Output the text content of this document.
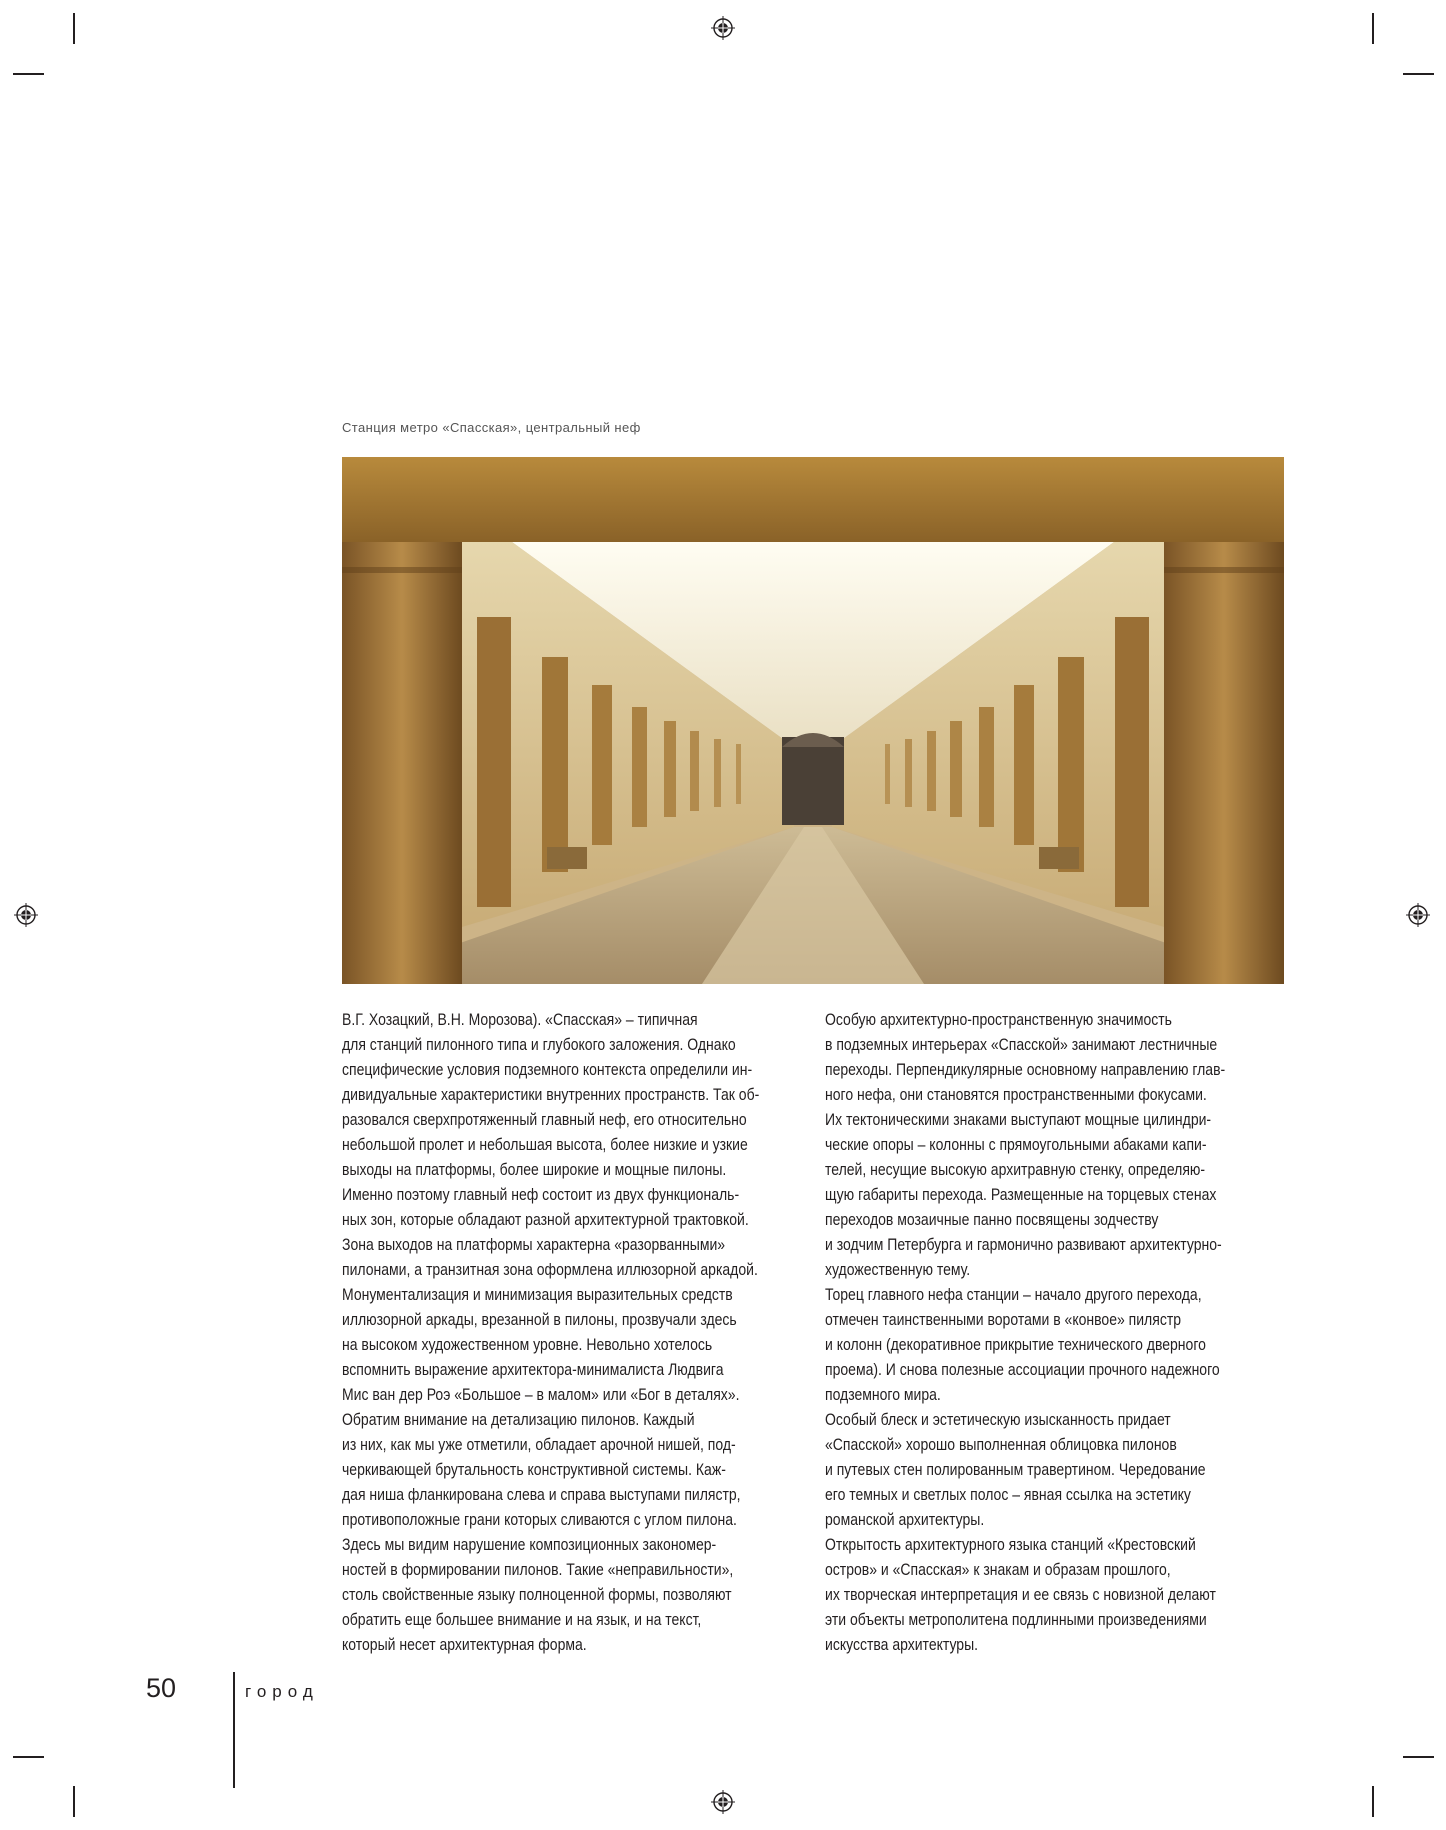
Станция метро «Спасская», центральный неф

В.Г. Хозацкий, В.Н. Морозова). «Спасская» – типичная

для станций пилонного типа и глубокого заложения. Однако

специфические условия подземного контекста определили ин-

дивидуальные характеристики внутренних пространств. Так об-

разовался сверхпротяженный главный неф, его относительно

небольшой пролет и небольшая высота, более низкие и узкие

выходы на платформы, более широкие и мощные пилоны.

Именно поэтому главный неф состоит из двух функциональ-

ных зон, которые обладают разной архитектурной трактовкой.

Зона выходов на платформы характерна «разорванными»

пилонами, а транзитная зона оформлена иллюзорной аркадой.

Монументализация и минимизация выразительных средств

иллюзорной аркады, врезанной в пилоны, прозвучали здесь

на высоком художественном уровне. Невольно хотелось

вспомнить выражение архитектора-минималиста Людвига

Мис ван дер Роэ «Большое – в малом» или «Бог в деталях».

Обратим внимание на детализацию пилонов. Каждый

из них, как мы уже отметили, обладает арочной нишей, под-

черкивающей брутальность конструктивной системы. Каж-

дая ниша фланкирована слева и справа выступами пилястр,

противоположные грани которых сливаются с углом пилона.

Здесь мы видим нарушение композиционных закономер-

ностей в формировании пилонов. Такие «неправильности»,

столь свойственные языку полноценной формы, позволяют

обратить еще большее внимание и на язык, и на текст,

который несет архитектурная форма.

Особую архитектурно-пространственную значимость

в подземных интерьерах «Спасской» занимают лестничные

переходы. Перпендикулярные основному направлению глав-

ного нефа, они становятся пространственными фокусами.

Их тектоническими знаками выступают мощные цилиндри-

ческие опоры – колонны с прямоугольными абаками капи-

телей, несущие высокую архитравную стенку, определяю-

щую габариты перехода. Размещенные на торцевых стенах

переходов мозаичные панно посвящены зодчеству

и зодчим Петербурга и гармонично развивают архитектурно-

художественную тему.

Торец главного нефа станции – начало другого перехода,

отмечен таинственными воротами в «конвое» пилястр

и колонн (декоративное прикрытие технического дверного

проема). И снова полезные ассоциации прочного надежного

подземного мира.

Особый блеск и эстетическую изысканность придает

«Спасской» хорошо выполненная облицовка пилонов

и путевых стен полированным травертином. Чередование

его темных и светлых полос – явная ссылка на эстетику

романской архитектуры.

Открытость архитектурного языка станций «Крестовский

остров» и «Спасская» к знакам и образам прошлого,

их творческая интерпретация и ее связь с новизной делают

эти объекты метрополитена подлинными произведениями

искусства архитектуры.

50	город
